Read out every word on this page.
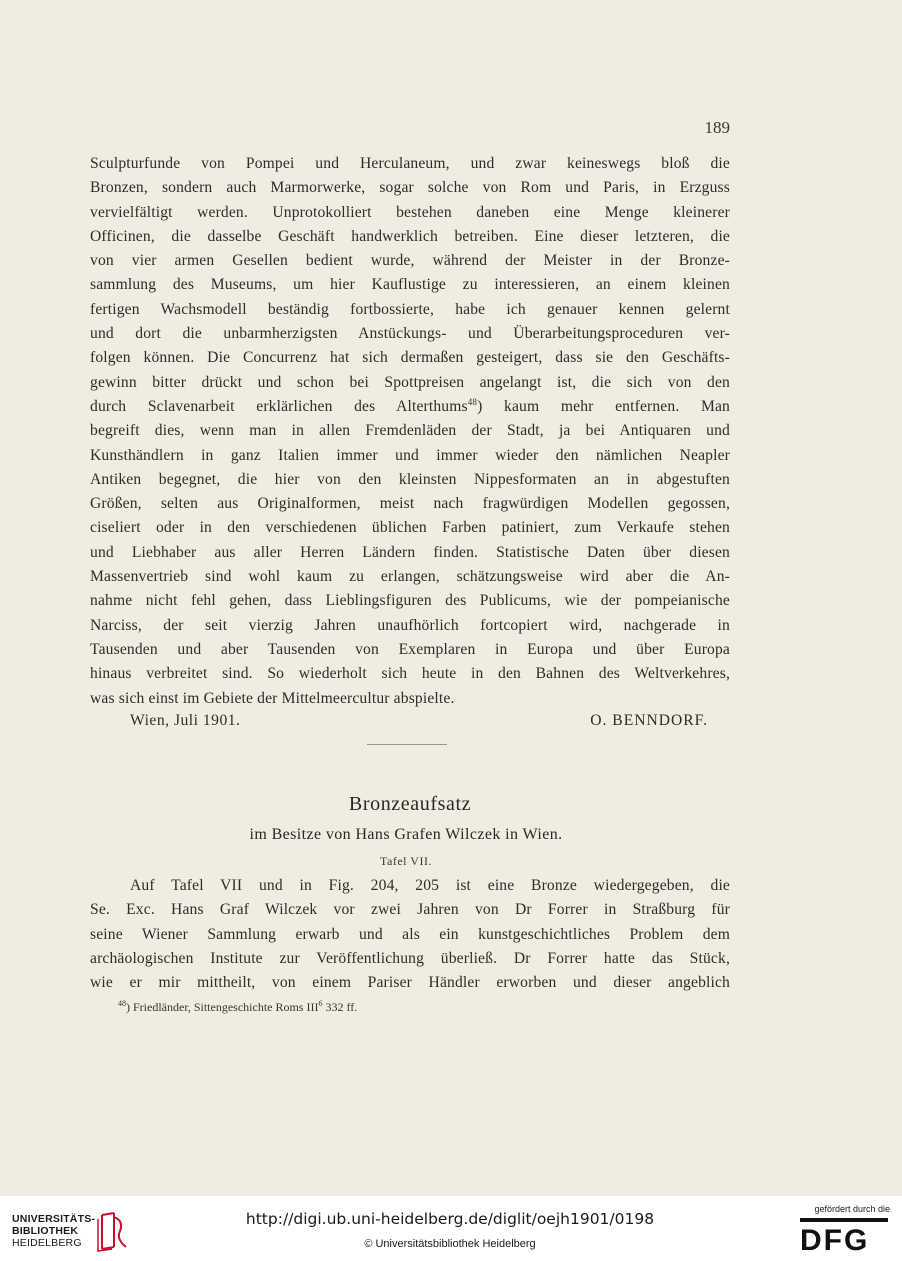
189
Sculpturfunde von Pompei und Herculaneum, und zwar keineswegs bloß die
Bronzen, sondern auch Marmorwerke, sogar solche von Rom und Paris, in Erzguss
vervielfältigt werden. Unprotokolliert bestehen daneben eine Menge kleinerer
Officinen, die dasselbe Geschäft handwerklich betreiben. Eine dieser letzteren, die
von vier armen Gesellen bedient wurde, während der Meister in der Bronze-
sammlung des Museums, um hier Kauflustige zu interessieren, an einem kleinen
fertigen Wachsmodell beständig fortbossierte, habe ich genauer kennen gelernt
und dort die unbarmherzigsten Anstückungs- und Überarbeitungsproceduren ver-
folgen können. Die Concurrenz hat sich dermaßen gesteigert, dass sie den Geschäfts-
gewinn bitter drückt und schon bei Spottpreisen angelangt ist, die sich von den
durch Sclavenarbeit erklärlichen des Alterthums$^{48}$) kaum mehr entfernen. Man
begreift dies, wenn man in allen Fremdenläden der Stadt, ja bei Antiquaren und
Kunsthändlern in ganz Italien immer und immer wieder den nämlichen Neapler
Antiken begegnet, die hier von den kleinsten Nippesformaten an in abgestuften
Größen, selten aus Originalformen, meist nach fragwürdigen Modellen gegossen,
ciseliert oder in den verschiedenen üblichen Farben patiniert, zum Verkaufe stehen
und Liebhaber aus aller Herren Ländern finden. Statistische Daten über diesen
Massenvertrieb sind wohl kaum zu erlangen, schätzungsweise wird aber die An-
nahme nicht fehl gehen, dass Lieblingsfiguren des Publicums, wie der pompeianische
Narciss, der seit vierzig Jahren unaufhörlich fortcopiert wird, nachgerade in
Tausenden und aber Tausenden von Exemplaren in Europa und über Europa
hinaus verbreitet sind. So wiederholt sich heute in den Bahnen des Weltverkehres,
was sich einst im Gebiete der Mittelmeercultur abspielte.
Wien, Juli 1901.	O. BENNDORF.
Bronzeaufsatz
im Besitze von Hans Grafen Wilczek in Wien.
Tafel VII.
Auf Tafel VII und in Fig. 204, 205 ist eine Bronze wiedergegeben, die
Se. Exc. Hans Graf Wilczek vor zwei Jahren von Dr Forrer in Straßburg für
seine Wiener Sammlung erwarb und als ein kunstgeschichtliches Problem dem
archäologischen Institute zur Veröffentlichung überließ. Dr Forrer hatte das Stück,
wie er mir mittheilt, von einem Pariser Händler erworben und dieser angeblich
$^{48}$) Friedländer, Sittengeschichte Roms III$^6$ 332 ff.
UNIVERSITÄTS-
BIBLIOTHEK
HEIDELBERG
http://digi.ub.uni-heidelberg.de/diglit/oejh1901/0198
© Universitätsbibliothek Heidelberg
gefördert durch die
DFG
